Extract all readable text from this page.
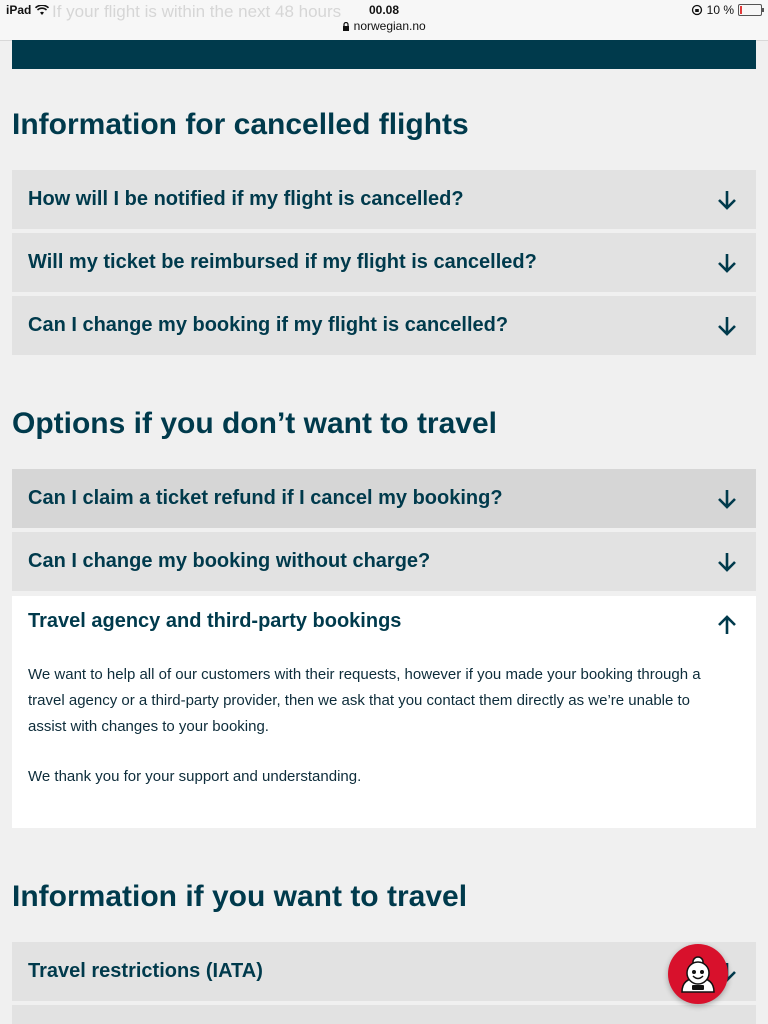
If your flight is within the next 48 hours
iPad	00.08
norwegian.no
10 %
Information for cancelled flights
How will I be notified if my flight is cancelled?
Will my ticket be reimbursed if my flight is cancelled?
Can I change my booking if my flight is cancelled?
Options if you don’t want to travel
Can I claim a ticket refund if I cancel my booking?
Can I change my booking without charge?
Travel agency and third-party bookings

We want to help all of our customers with their requests, however if you made your booking through a travel agency or a third-party provider, then we ask that you contact them directly as we’re unable to assist with changes to your booking.

We thank you for your support and understanding.

Information if you want to travel
Travel restrictions (IATA)
